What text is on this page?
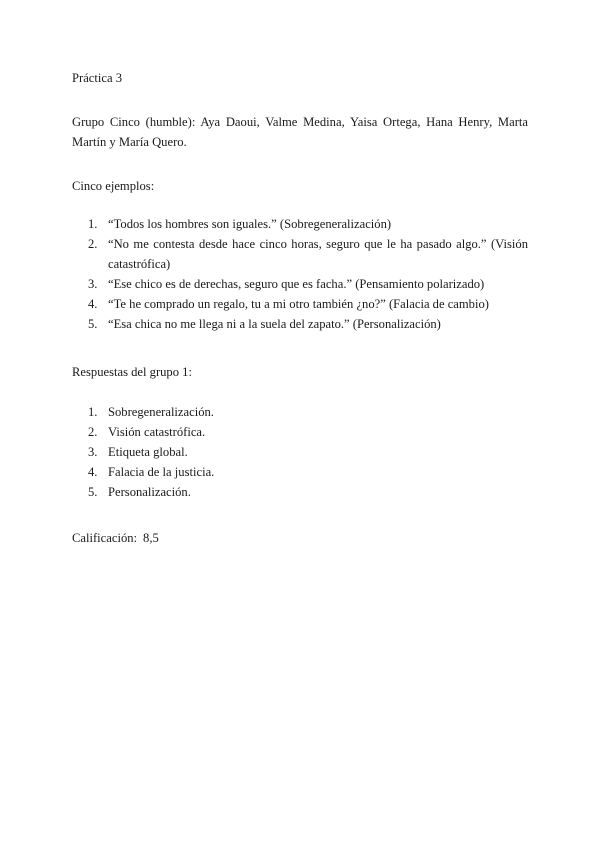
Práctica 3

Grupo Cinco (humble): Aya Daoui, Valme Medina, Yaisa Ortega, Hana Henry, Marta Martín y María Quero.

Cinco ejemplos:

1. “Todos los hombres son iguales.” (Sobregeneralización)
2. “No me contesta desde hace cinco horas, seguro que le ha pasado algo.” (Visión catastrófica)
3. “Ese chico es de derechas, seguro que es facha.” (Pensamiento polarizado)
4. “Te he comprado un regalo, tu a mi otro también ¿no?” (Falacia de cambio)
5. “Esa chica no me llega ni a la suela del zapato.” (Personalización)

Respuestas del grupo 1:

1. Sobregeneralización.
2. Visión catastrófica.
3. Etiqueta global.
4. Falacia de la justicia.
5. Personalización.

Calificación: 8,5
